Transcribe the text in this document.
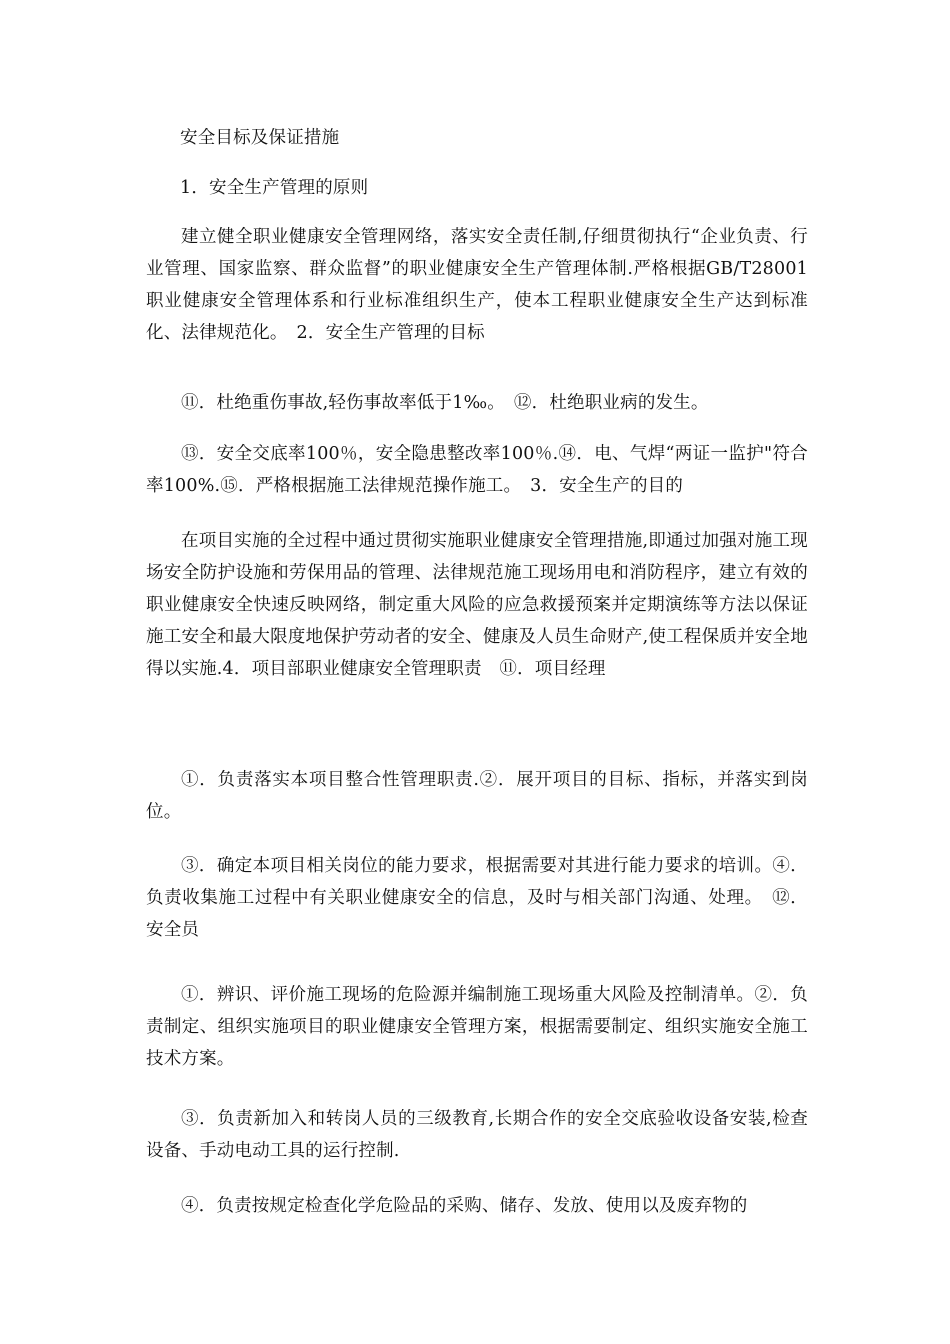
安全目标及保证措施

1．安全生产管理的原则

建立健全职业健康安全管理网络，落实安全责任制,仔细贯彻执行“企业负责、行业管理、国家监察、群众监督”的职业健康安全生产管理体制.严格根据GB/T28001职业健康安全管理体系和行业标准组织生产，使本工程职业健康安全生产达到标准化、法律规范化。　2．安全生产管理的目标

⑪．杜绝重伤事故,轻伤事故率低于1‰。　⑫．杜绝职业病的发生。

⑬．安全交底率100％，安全隐患整改率100％.⑭．电、气焊“两证一监护"符合率100%.⑮．严格根据施工法律规范操作施工。　3．安全生产的目的

在项目实施的全过程中通过贯彻实施职业健康安全管理措施,即通过加强对施工现场安全防护设施和劳保用品的管理、法律规范施工现场用电和消防程序，建立有效的职业健康安全快速反映网络，制定重大风险的应急救援预案并定期演练等方法以保证施工安全和最大限度地保护劳动者的安全、健康及人员生命财产,使工程保质并安全地得以实施.4．项目部职业健康安全管理职责　⑪．项目经理

①．负责落实本项目整合性管理职责.②．展开项目的目标、指标，并落实到岗位。

③．确定本项目相关岗位的能力要求，根据需要对其进行能力要求的培训。④．负责收集施工过程中有关职业健康安全的信息，及时与相关部门沟通、处理。　⑫．安全员

①．辨识、评价施工现场的危险源并编制施工现场重大风险及控制清单。②．负责制定、组织实施项目的职业健康安全管理方案，根据需要制定、组织实施安全施工技术方案。

③．负责新加入和转岗人员的三级教育,长期合作的安全交底验收设备安装,检查设备、手动电动工具的运行控制.

④．负责按规定检查化学危险品的采购、储存、发放、使用以及废弃物的
